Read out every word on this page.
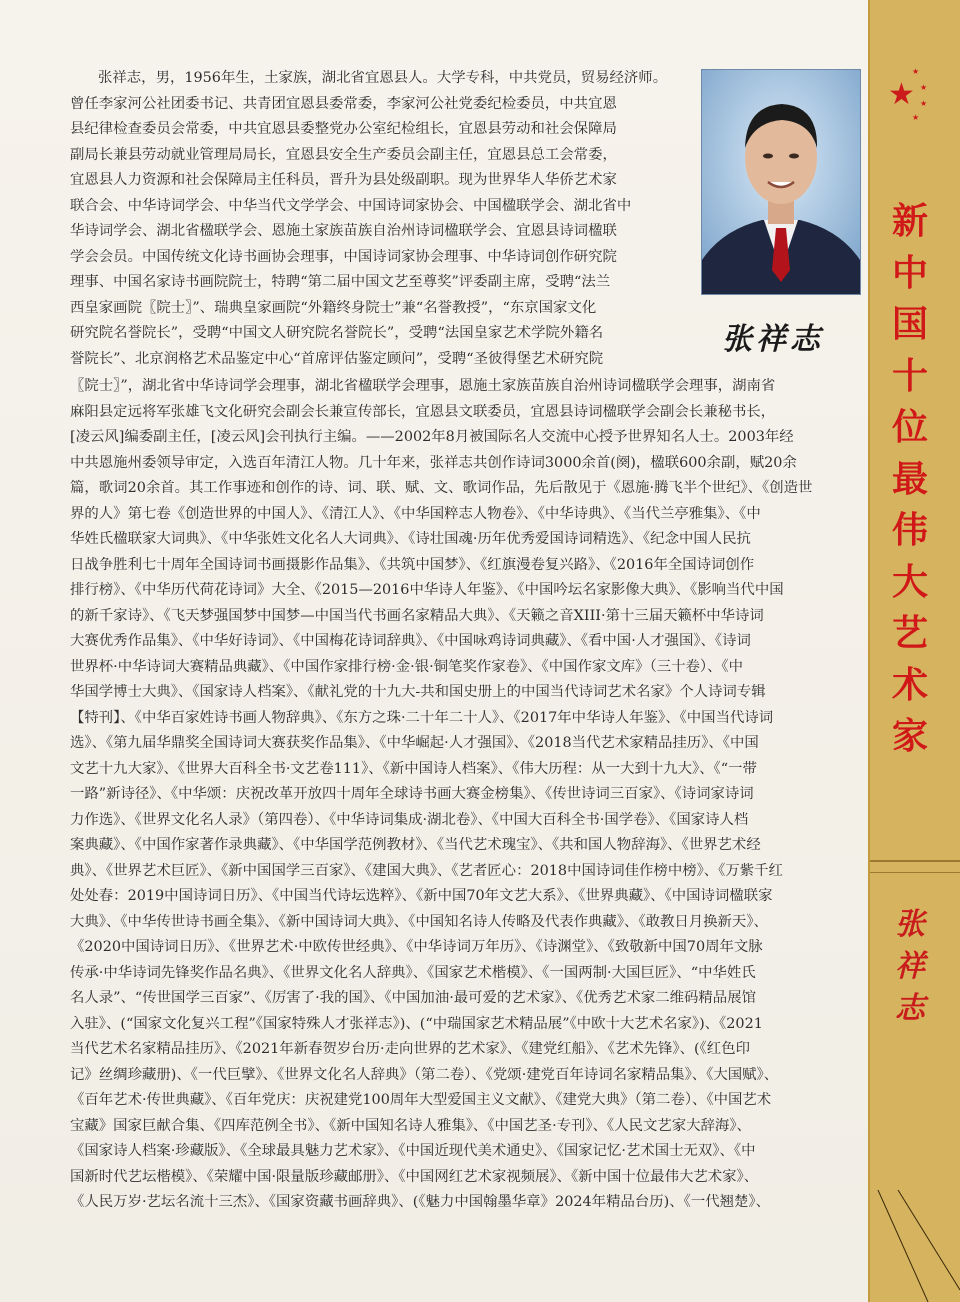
★
★
★
★
★
新中国十位最伟大艺术家
张祥志
张祥志
张祥志，男，1956年生，土家族，湖北省宜恩县人。大学专科，中共党员，贸易经济师。
曾任李家河公社团委书记、共青团宜恩县委常委，李家河公社党委纪检委员，中共宜恩
县纪律检查委员会常委，中共宜恩县委整党办公室纪检组长，宜恩县劳动和社会保障局
副局长兼县劳动就业管理局局长，宜恩县安全生产委员会副主任，宜恩县总工会常委，
宜恩县人力资源和社会保障局主任科员，晋升为县处级副职。现为世界华人华侨艺术家
联合会、中华诗词学会、中华当代文学学会、中国诗词家协会、中国楹联学会、湖北省中
华诗词学会、湖北省楹联学会、恩施土家族苗族自治州诗词楹联学会、宜恩县诗词楹联
学会会员。中国传统文化诗书画协会理事，中国诗词家协会理事、中华诗词创作研究院
理事、中国名家诗书画院院士，特聘“第二届中国文艺至尊奖”评委副主席，受聘“法兰
西皇家画院〖院士〗”、瑞典皇家画院“外籍终身院士”兼“名誉教授”，“东京国家文化
研究院名誉院长”，受聘“中国文人研究院名誉院长”，受聘“法国皇家艺术学院外籍名
誉院长”、北京润格艺术品鉴定中心“首席评估鉴定顾问”，受聘“圣彼得堡艺术研究院
〖院士〗”，湖北省中华诗词学会理事，湖北省楹联学会理事，恩施土家族苗族自治州诗词楹联学会理事，湖南省
麻阳县定远将军张雄飞文化研究会副会长兼宣传部长，宜恩县文联委员，宜恩县诗词楹联学会副会长兼秘书长，
[凌云风]编委副主任，[凌云风]会刊执行主编。——2002年8月被国际名人交流中心授予世界知名人士。2003年经
中共恩施州委领导审定，入选百年清江人物。几十年来，张祥志共创作诗词3000余首(阕)，楹联600余副，赋20余
篇，歌词20余首。其工作事迹和创作的诗、词、联、赋、文、歌词作品，先后散见于《恩施·腾飞半个世纪》、《创造世
界的人》第七卷《创造世界的中国人》、《清江人》、《中华国粹志人物卷》、《中华诗典》、《当代兰亭雅集》、《中
华姓氏楹联家大词典》、《中华张姓文化名人大词典》、《诗壮国魂·历年优秀爱国诗词精选》、《纪念中国人民抗
日战争胜利七十周年全国诗词书画摄影作品集》、《共筑中国梦》、《红旗漫卷复兴路》、《2016年全国诗词创作
排行榜》、《中华历代荷花诗词》大全、《2015—2016中华诗人年鉴》、《中国吟坛名家影像大典》、《影响当代中国
的新千家诗》、《飞天梦强国梦中国梦—中国当代书画名家精品大典》、《天籁之音XIII·第十三届天籁杯中华诗词
大赛优秀作品集》、《中华好诗词》、《中国梅花诗词辞典》、《中国咏鸡诗词典藏》、《看中国·人才强国》、《诗词
世界杯·中华诗词大赛精品典藏》、《中国作家排行榜·金·银·铜笔奖作家卷》、《中国作家文库》（三十卷）、《中
华国学博士大典》、《国家诗人档案》、《献礼党的十九大-共和国史册上的中国当代诗词艺术名家》个人诗词专辑
【特刊】、《中华百家姓诗书画人物辞典》、《东方之珠·二十年二十人》、《2017年中华诗人年鉴》、《中国当代诗词
选》、《第九届华鼎奖全国诗词大赛获奖作品集》、《中华崛起·人才强国》、《2018当代艺术家精品挂历》、《中国
文艺十九大家》、《世界大百科全书·文艺卷111》、《新中国诗人档案》、《伟大历程：从一大到十九大》、《“一带
一路”新诗径》、《中华颂：庆祝改革开放四十周年全球诗书画大赛金榜集》、《传世诗词三百家》、《诗词家诗词
力作选》、《世界文化名人录》（第四卷）、《中华诗词集成·湖北卷》、《中国大百科全书·国学卷》、《国家诗人档
案典藏》、《中国作家著作录典藏》、《中华国学范例教材》、《当代艺术瑰宝》、《共和国人物辞海》、《世界艺术经
典》、《世界艺术巨匠》、《新中国国学三百家》、《建国大典》、《艺者匠心：2018中国诗词佳作榜中榜》、《万紫千红
处处春：2019中国诗词日历》、《中国当代诗坛选粹》、《新中国70年文艺大系》、《世界典藏》、《中国诗词楹联家
大典》、《中华传世诗书画全集》、《新中国诗词大典》、《中国知名诗人传略及代表作典藏》、《敢教日月换新天》、
《2020中国诗词日历》、《世界艺术·中欧传世经典》、《中华诗词万年历》、《诗渊堂》、《致敬新中国70周年文脉
传承·中华诗词先锋奖作品名典》、《世界文化名人辞典》、《国家艺术楷模》、《一国两制·大国巨匠》、“中华姓氏
名人录”、“传世国学三百家”、《厉害了·我的国》、《中国加油·最可爱的艺术家》、《优秀艺术家二维码精品展馆
入驻》、(“国家文化复兴工程”《国家特殊人才张祥志》)、(“中瑞国家艺术精品展”《中欧十大艺术名家》)、《2021
当代艺术名家精品挂历》、《2021年新春贺岁台历·走向世界的艺术家》、《建党红船》、《艺术先锋》、(《红色印
记》丝绸珍藏册)、《一代巨擘》、《世界文化名人辞典》（第二卷）、《党颂·建党百年诗词名家精品集》、《大国赋》、
《百年艺术·传世典藏》、《百年党庆：庆祝建党100周年大型爱国主义文献》、《建党大典》（第二卷）、《中国艺术
宝藏》国家巨献合集、《四库范例全书》、《新中国知名诗人雅集》、《中国艺圣·专刊》、《人民文艺家大辞海》、
《国家诗人档案·珍藏版》、《全球最具魅力艺术家》、《中国近现代美术通史》、《国家记忆·艺术国士无双》、《中
国新时代艺坛楷模》、《荣耀中国·限量版珍藏邮册》、《中国网红艺术家视频展》、《新中国十位最伟大艺术家》、
《人民万岁·艺坛名流十三杰》、《国家资藏书画辞典》、(《魅力中国翰墨华章》2024年精品台历)、《一代翘楚》、
